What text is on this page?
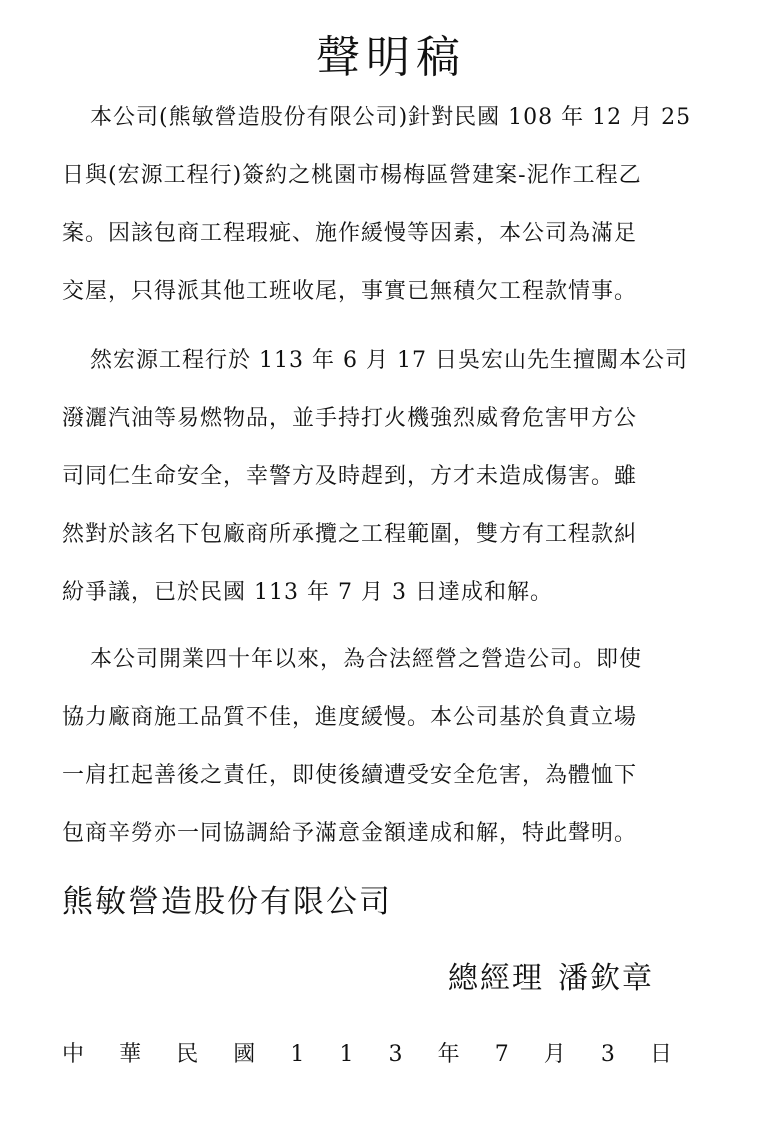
聲明稿
本公司(熊敏營造股份有限公司)針對民國 108 年 12 月 25
日與(宏源工程行)簽約之桃園市楊梅區營建案-泥作工程乙
案。因該包商工程瑕疵、施作緩慢等因素，本公司為滿足
交屋，只得派其他工班收尾，事實已無積欠工程款情事。
然宏源工程行於 113 年 6 月 17 日吳宏山先生擅闖本公司
潑灑汽油等易燃物品，並手持打火機強烈威脅危害甲方公
司同仁生命安全，幸警方及時趕到，方才未造成傷害。雖
然對於該名下包廠商所承攬之工程範圍，雙方有工程款糾
紛爭議，已於民國 113 年 7 月 3 日達成和解。
本公司開業四十年以來，為合法經營之營造公司。即使
協力廠商施工品質不佳，進度緩慢。本公司基於負責立場
一肩扛起善後之責任，即使後續遭受安全危害，為體恤下
包商辛勞亦一同協調給予滿意金額達成和解，特此聲明。
熊敏營造股份有限公司
總經理 潘欽章
中 華 民 國 1 1 3 年 7 月 3 日
